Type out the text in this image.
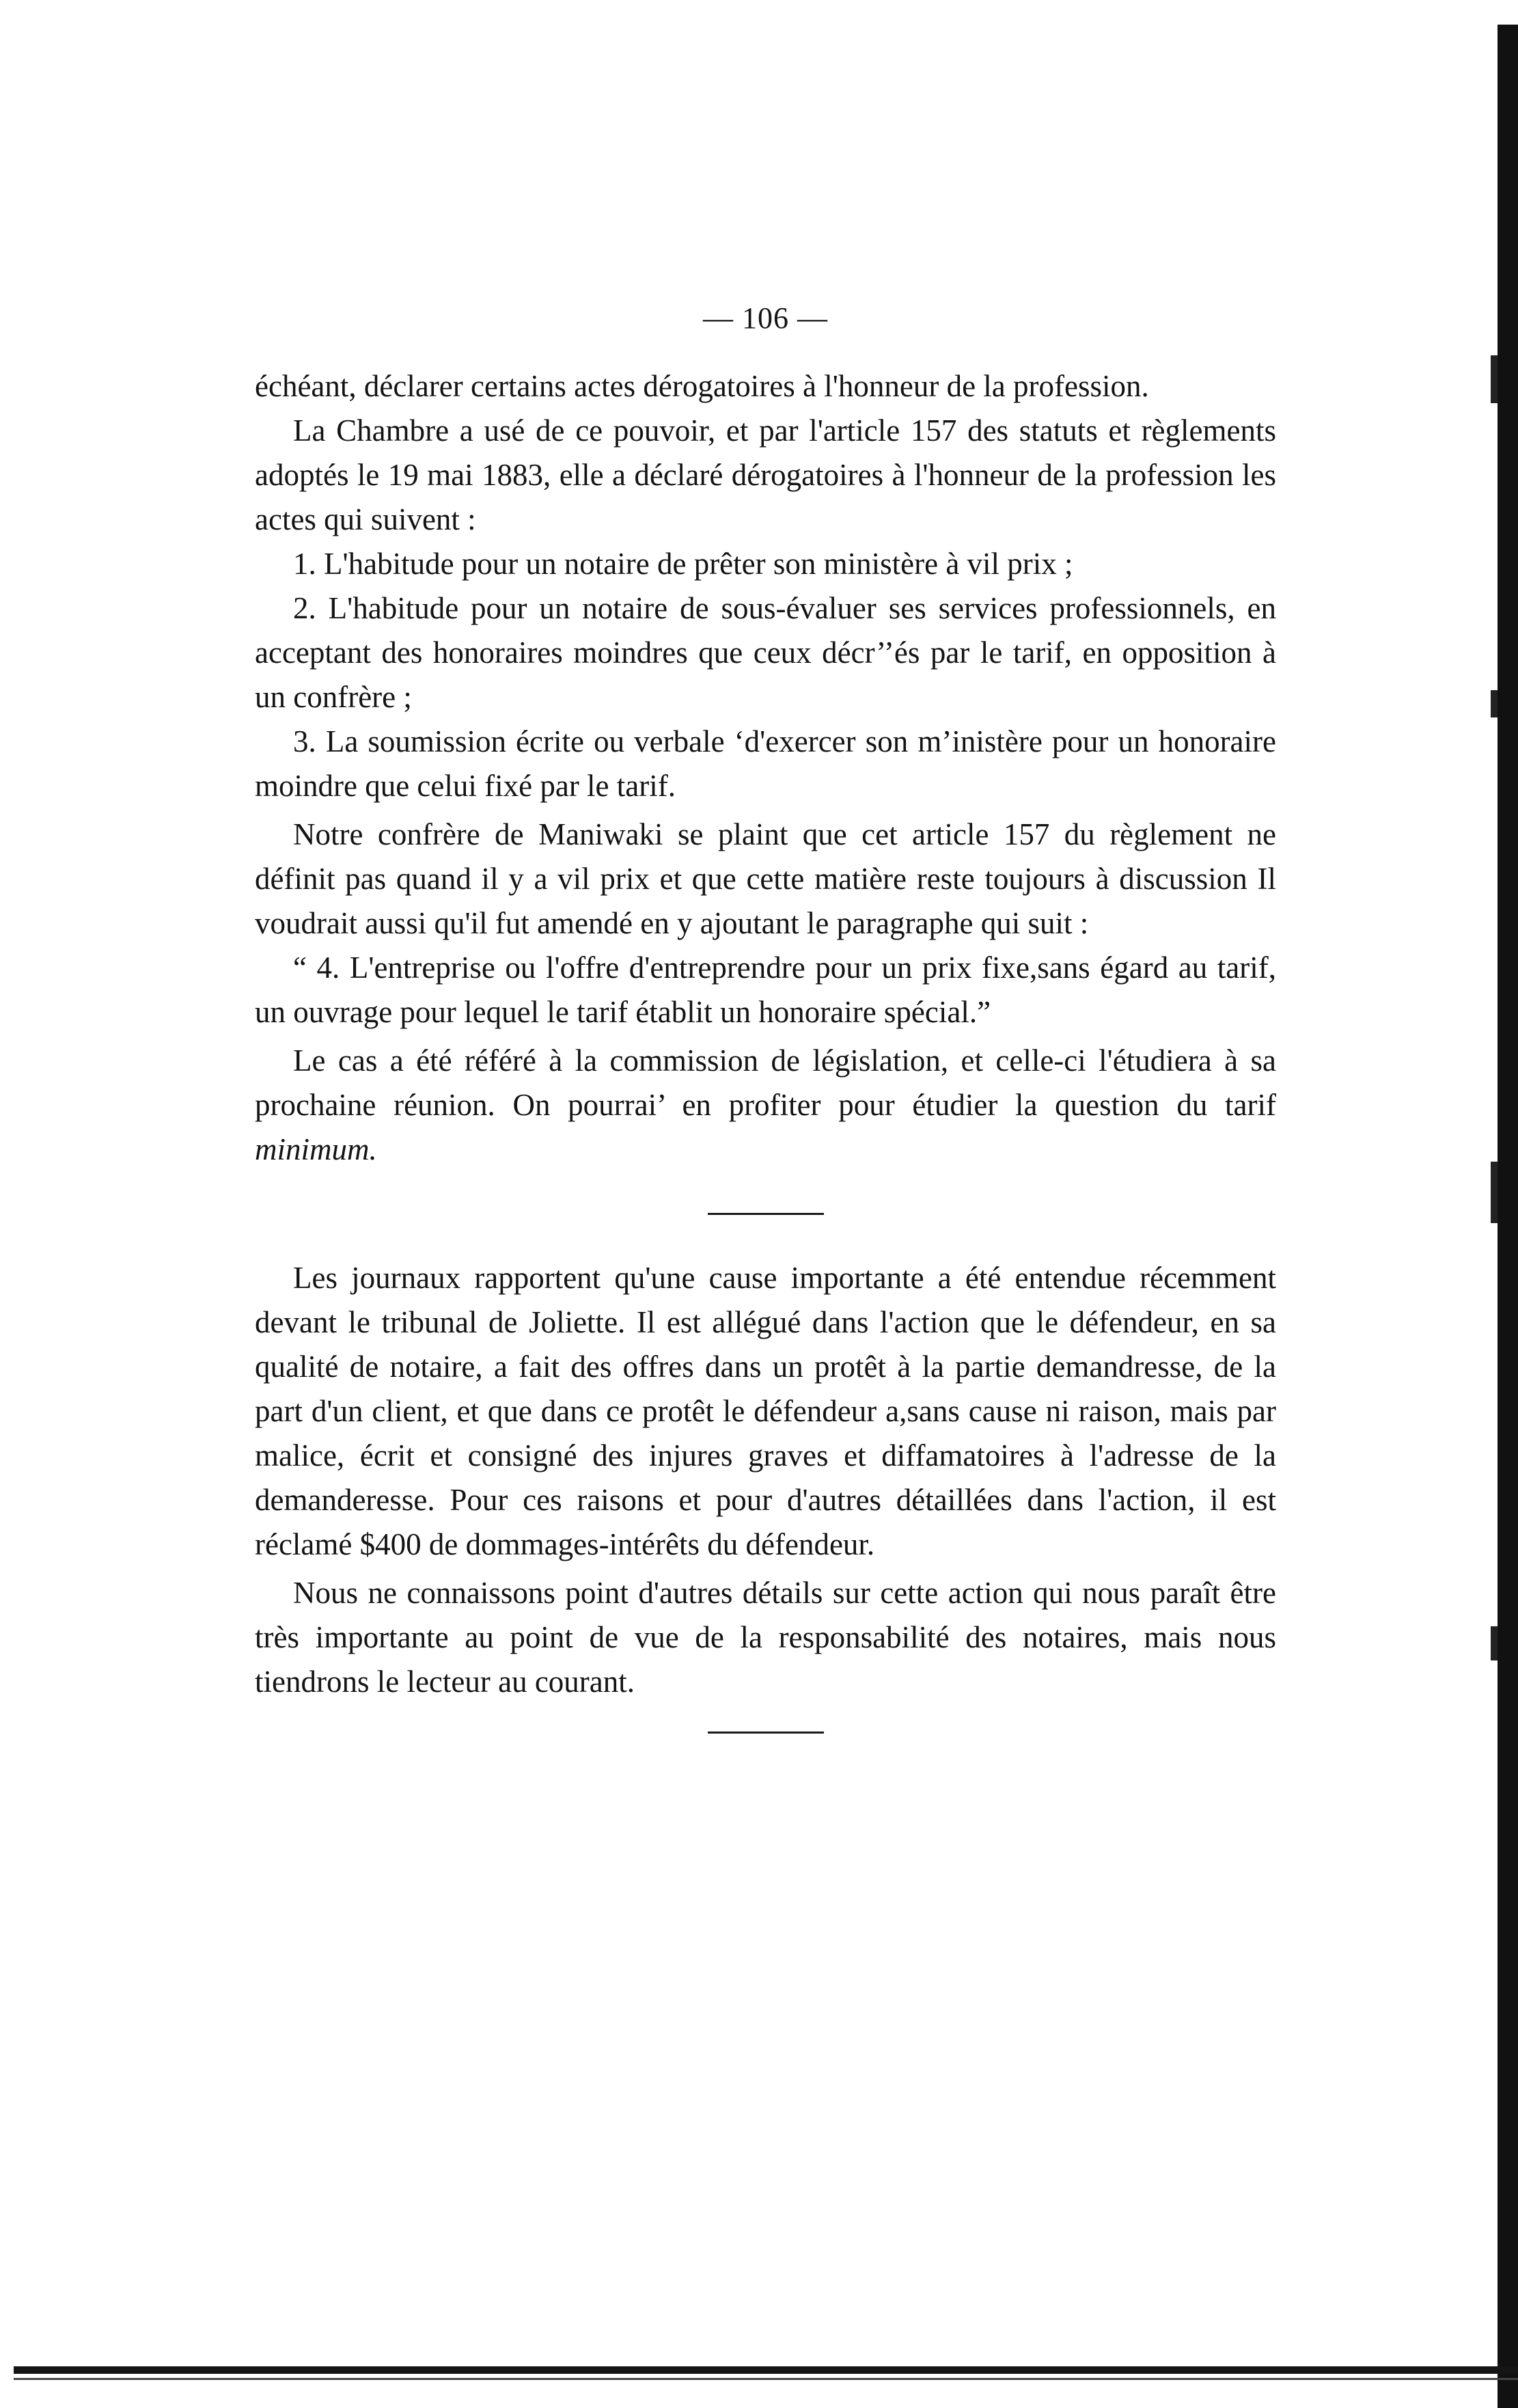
— 106 —

échéant, déclarer certains actes dérogatoires à l'honneur de la profession.

La Chambre a usé de ce pouvoir, et par l'article 157 des statuts et règlements adoptés le 19 mai 1883, elle a déclaré dérogatoires à l'honneur de la profession les actes qui suivent :

1. L'habitude pour un notaire de prêter son ministère à vil prix ;

2. L'habitude pour un notaire de sous-évaluer ses services professionnels, en acceptant des honoraires moindres que ceux décr’’és par le tarif, en opposition à un confrère ;

3. La soumission écrite ou verbale ‘d'exercer son m’inistère pour un honoraire moindre que celui fixé par le tarif.

Notre confrère de Maniwaki se plaint que cet article 157 du règlement ne définit pas quand il y a vil prix et que cette matière reste toujours à discussion Il voudrait aussi qu'il fut amendé en y ajoutant le paragraphe qui suit :

“ 4. L'entreprise ou l'offre d'entreprendre pour un prix fixe,sans égard au tarif, un ouvrage pour lequel le tarif établit un honoraire spécial.”

Le cas a été référé à la commission de législation, et celle-ci l'étudiera à sa prochaine réunion. On pourrai’ en profiter pour étudier la question du tarif minimum.

Les journaux rapportent qu'une cause importante a été entendue récemment devant le tribunal de Joliette. Il est allégué dans l'action que le défendeur, en sa qualité de notaire, a fait des offres dans un protêt à la partie demandresse, de la part d'un client, et que dans ce protêt le défendeur a,sans cause ni raison, mais par malice, écrit et consigné des injures graves et diffamatoires à l'adresse de la demanderesse. Pour ces raisons et pour d'autres détaillées dans l'action, il est réclamé $400 de dommages-intérêts du défendeur.

Nous ne connaissons point d'autres détails sur cette action qui nous paraît être très importante au point de vue de la responsabilité des notaires, mais nous tiendrons le lecteur au courant.
